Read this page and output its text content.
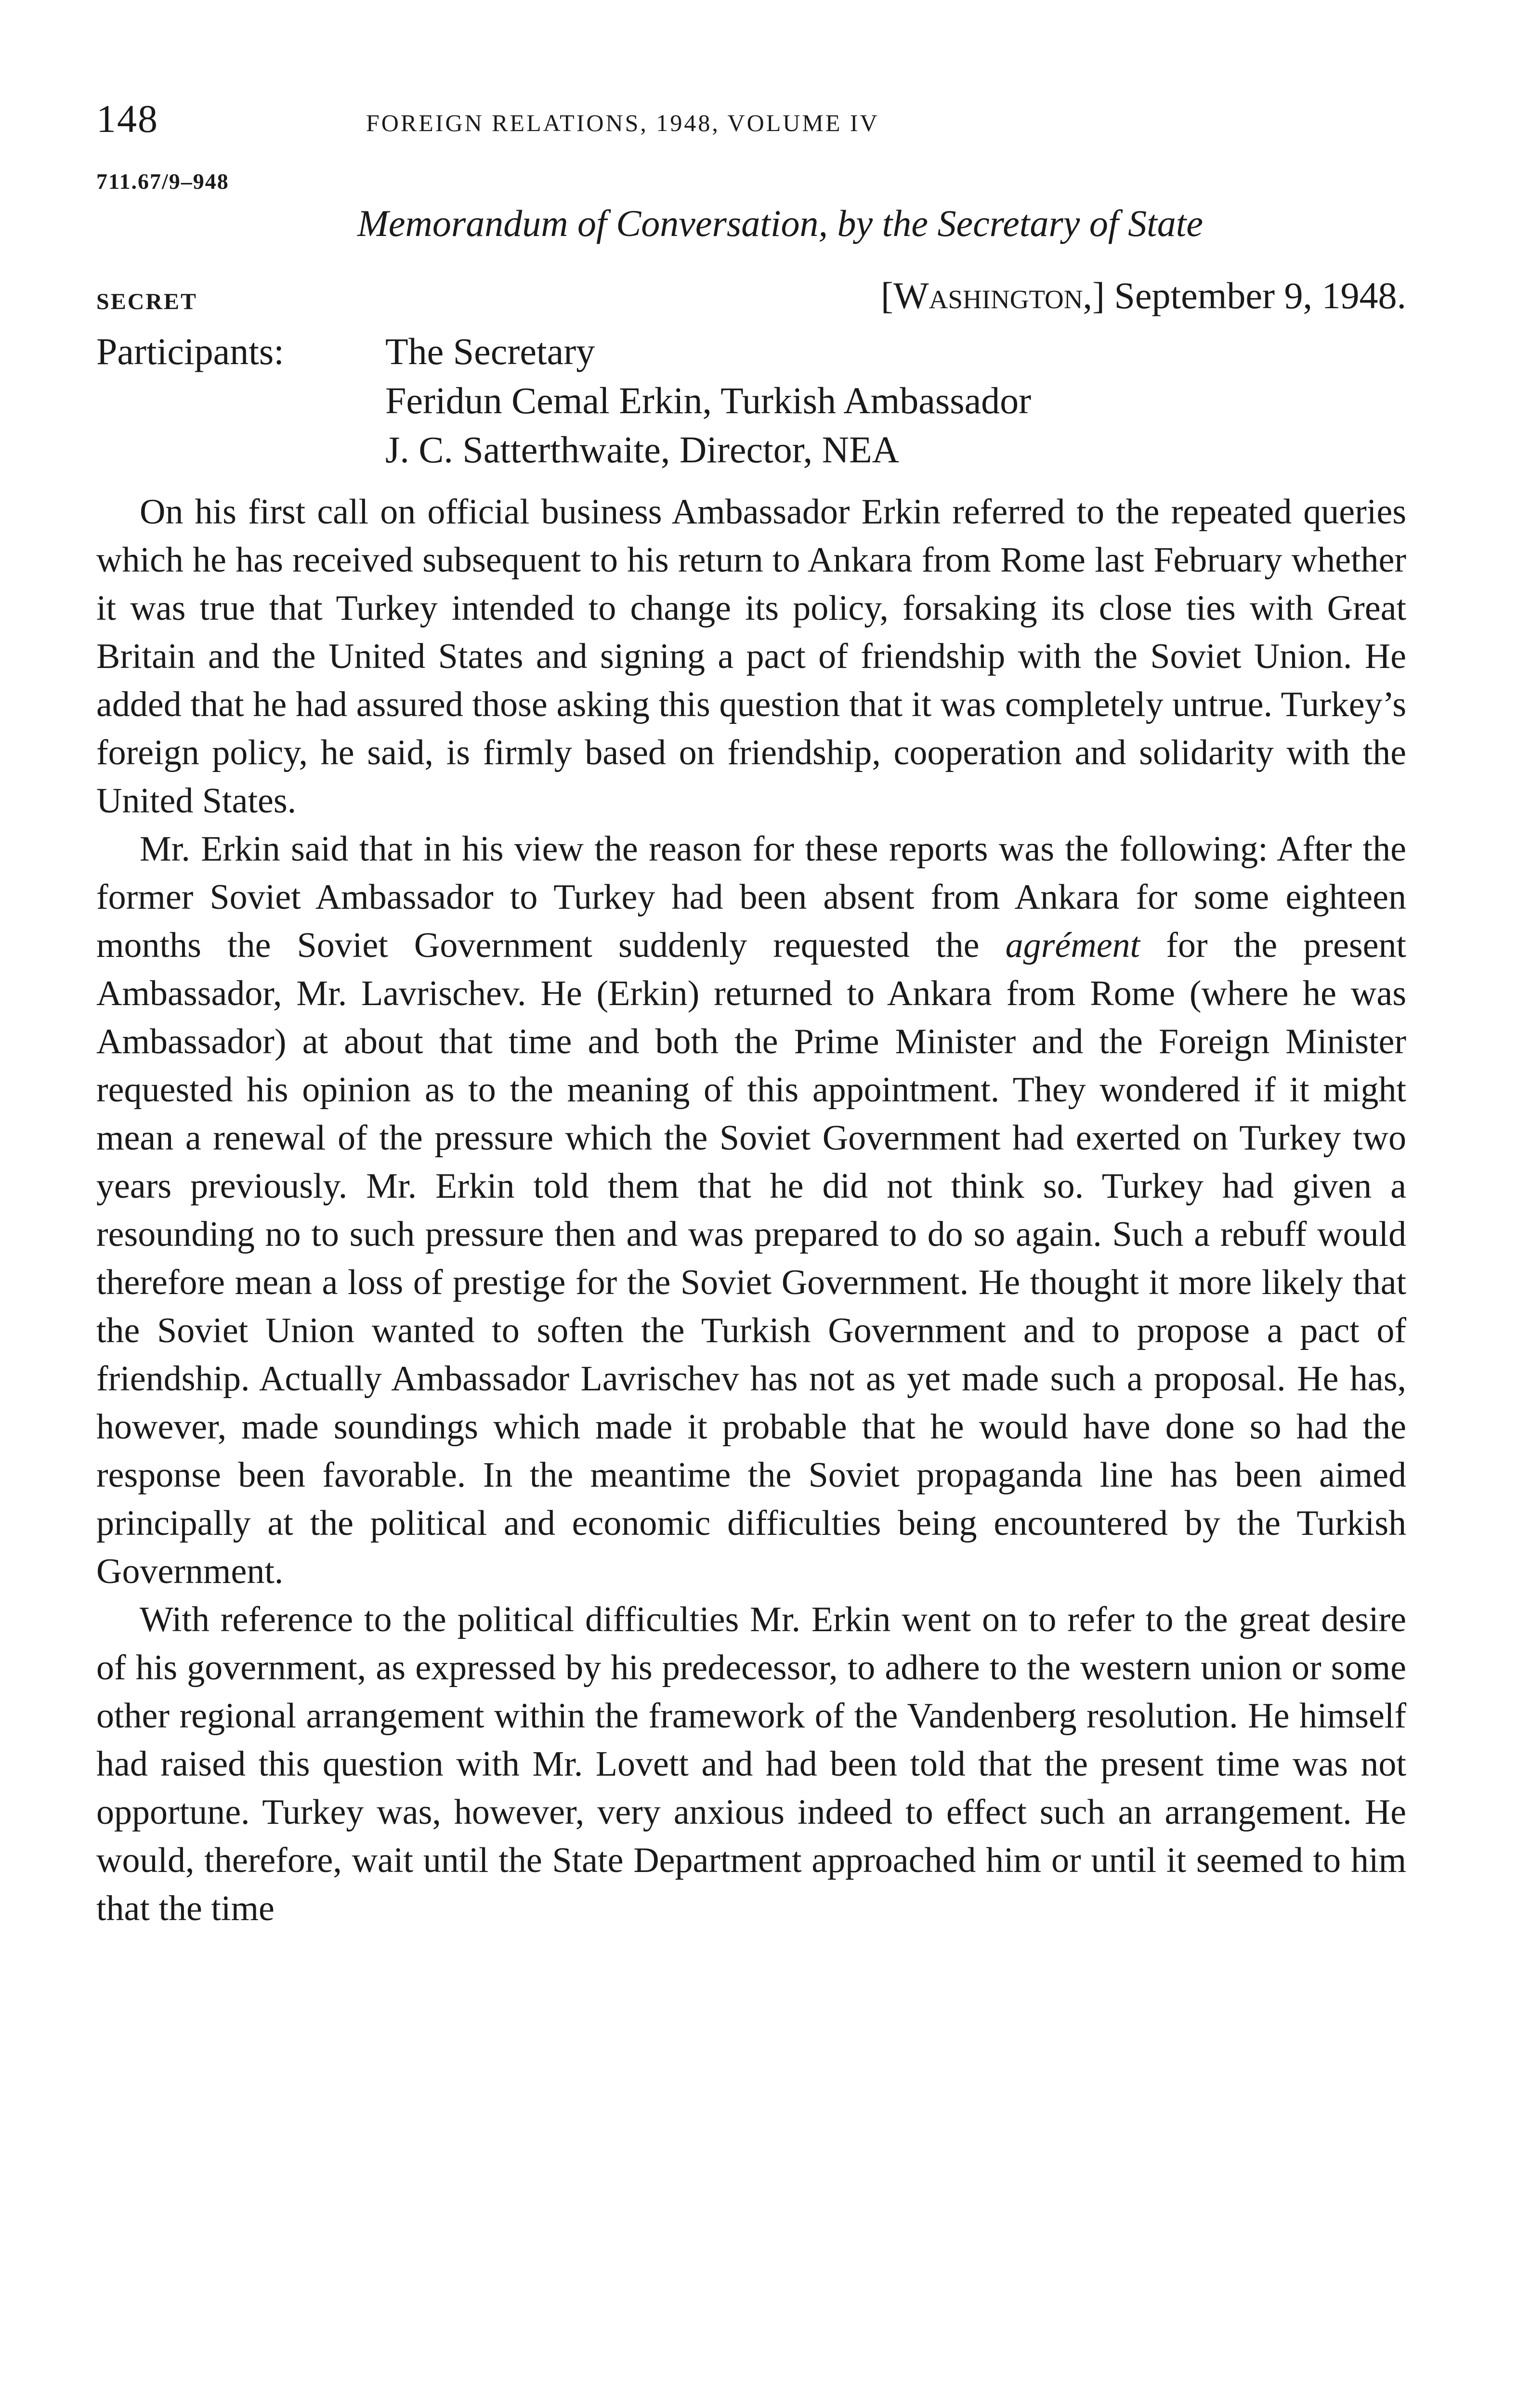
148	FOREIGN RELATIONS, 1948, VOLUME IV
711.67/9–948
Memorandum of Conversation, by the Secretary of State
SECRET	[Washington,] September 9, 1948.
Participants:	The Secretary
Feridun Cemal Erkin, Turkish Ambassador
J. C. Satterthwaite, Director, NEA

On his first call on official business Ambassador Erkin referred to the repeated queries which he has received subsequent to his return to Ankara from Rome last February whether it was true that Turkey intended to change its policy, forsaking its close ties with Great Britain and the United States and signing a pact of friendship with the Soviet Union. He added that he had assured those asking this question that it was completely untrue. Turkey’s foreign policy, he said, is firmly based on friendship, cooperation and solidarity with the United States.

Mr. Erkin said that in his view the reason for these reports was the following: After the former Soviet Ambassador to Turkey had been absent from Ankara for some eighteen months the Soviet Government suddenly requested the agrément for the present Ambassador, Mr. Lavrischev. He (Erkin) returned to Ankara from Rome (where he was Ambassador) at about that time and both the Prime Minister and the Foreign Minister requested his opinion as to the meaning of this appointment. They wondered if it might mean a renewal of the pressure which the Soviet Government had exerted on Turkey two years previously. Mr. Erkin told them that he did not think so. Turkey had given a resounding no to such pressure then and was prepared to do so again. Such a rebuff would therefore mean a loss of prestige for the Soviet Government. He thought it more likely that the Soviet Union wanted to soften the Turkish Government and to propose a pact of friendship. Actually Ambassador Lavrischev has not as yet made such a proposal. He has, however, made soundings which made it probable that he would have done so had the response been favorable. In the meantime the Soviet propaganda line has been aimed principally at the political and economic difficulties being encountered by the Turkish Government.

With reference to the political difficulties Mr. Erkin went on to refer to the great desire of his government, as expressed by his predecessor, to adhere to the western union or some other regional arrangement within the framework of the Vandenberg resolution. He himself had raised this question with Mr. Lovett and had been told that the present time was not opportune. Turkey was, however, very anxious indeed to effect such an arrangement. He would, therefore, wait until the State Department approached him or until it seemed to him that the time
